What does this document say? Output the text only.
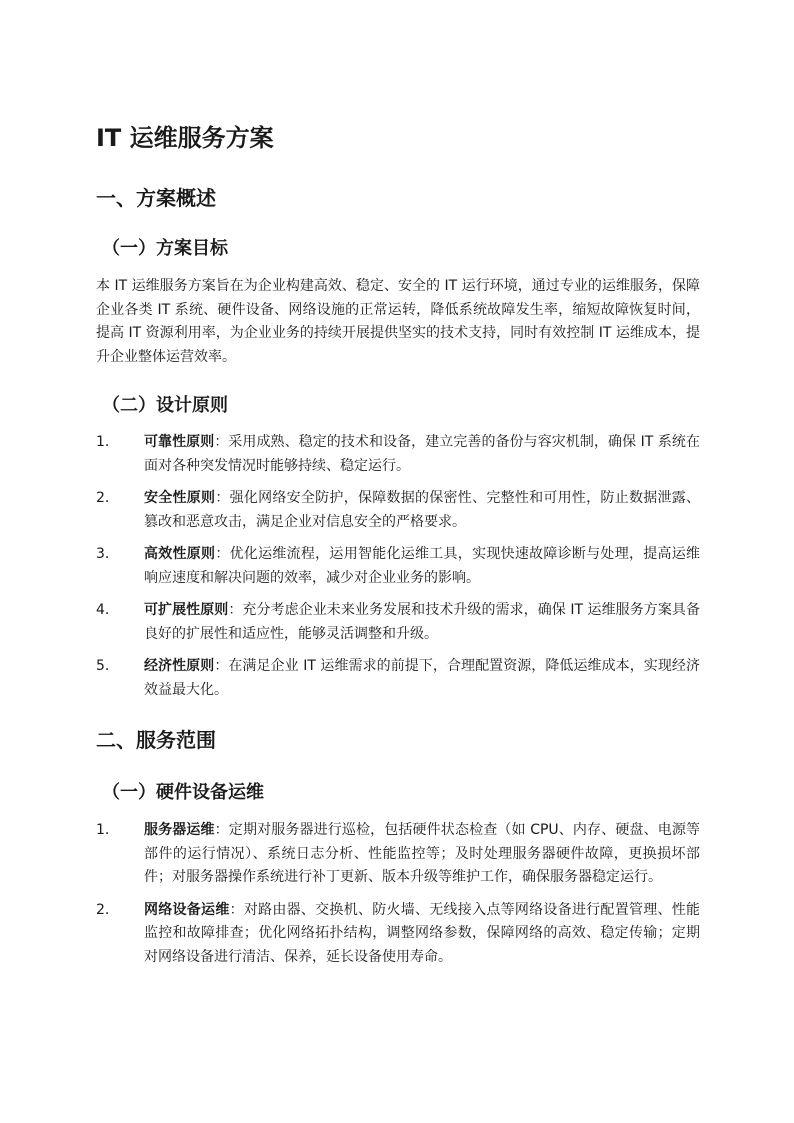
IT 运维服务方案
一、方案概述
（一）方案目标

本 IT 运维服务方案旨在为企业构建高效、稳定、安全的 IT 运行环境，通过专业的运维服务，保障企业各类 IT 系统、硬件设备、网络设施的正常运转，降低系统故障发生率，缩短故障恢复时间，提高 IT 资源利用率，为企业业务的持续开展提供坚实的技术支持，同时有效控制 IT 运维成本，提升企业整体运营效率。

（二）设计原则
1. 可靠性原则：采用成熟、稳定的技术和设备，建立完善的备份与容灾机制，确保 IT 系统在面对各种突发情况时能够持续、稳定运行。
2. 安全性原则：强化网络安全防护，保障数据的保密性、完整性和可用性，防止数据泄露、篡改和恶意攻击，满足企业对信息安全的严格要求。
3. 高效性原则：优化运维流程，运用智能化运维工具，实现快速故障诊断与处理，提高运维响应速度和解决问题的效率，减少对企业业务的影响。
4. 可扩展性原则：充分考虑企业未来业务发展和技术升级的需求，确保 IT 运维服务方案具备良好的扩展性和适应性，能够灵活调整和升级。
5. 经济性原则：在满足企业 IT 运维需求的前提下，合理配置资源，降低运维成本，实现经济效益最大化。
二、服务范围
（一）硬件设备运维
1. 服务器运维：定期对服务器进行巡检，包括硬件状态检查（如 CPU、内存、硬盘、电源等部件的运行情况）、系统日志分析、性能监控等；及时处理服务器硬件故障，更换损坏部件；对服务器操作系统进行补丁更新、版本升级等维护工作，确保服务器稳定运行。
2. 网络设备运维：对路由器、交换机、防火墙、无线接入点等网络设备进行配置管理、性能监控和故障排查；优化网络拓扑结构，调整网络参数，保障网络的高效、稳定传输；定期对网络设备进行清洁、保养，延长设备使用寿命。
